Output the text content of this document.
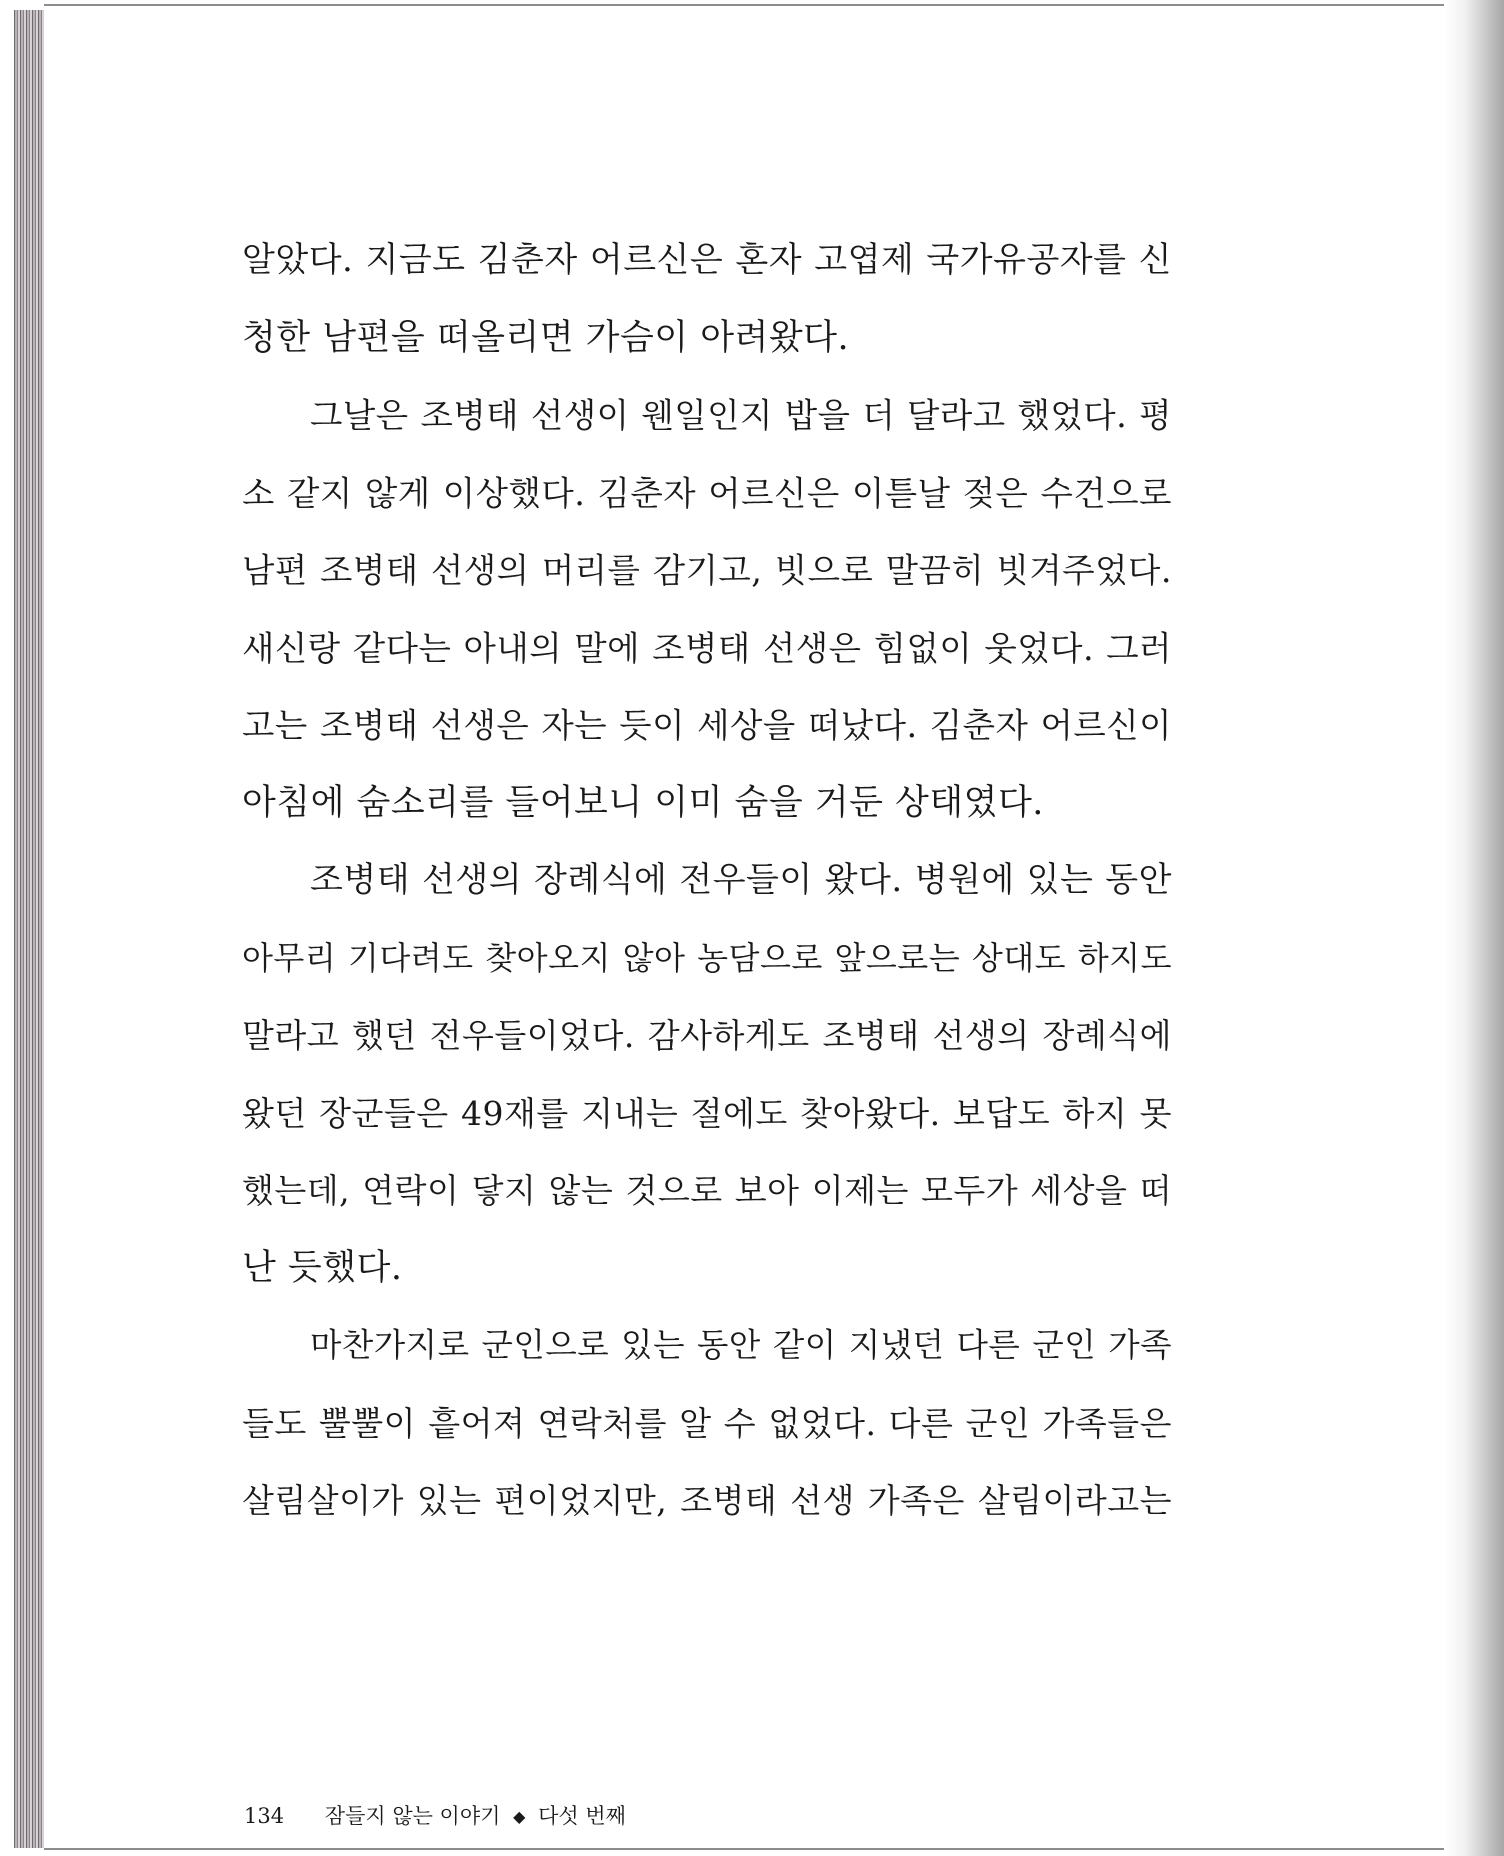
알았다. 지금도 김춘자 어르신은 혼자 고엽제 국가유공자를 신
청한 남편을 떠올리면 가슴이 아려왔다.
그날은 조병태 선생이 웬일인지 밥을 더 달라고 했었다. 평
소 같지 않게 이상했다. 김춘자 어르신은 이튿날 젖은 수건으로
남편 조병태 선생의 머리를 감기고, 빗으로 말끔히 빗겨주었다.
새신랑 같다는 아내의 말에 조병태 선생은 힘없이 웃었다. 그러
고는 조병태 선생은 자는 듯이 세상을 떠났다. 김춘자 어르신이
아침에 숨소리를 들어보니 이미 숨을 거둔 상태였다.
조병태 선생의 장례식에 전우들이 왔다. 병원에 있는 동안
아무리 기다려도 찾아오지 않아 농담으로 앞으로는 상대도 하지도
말라고 했던 전우들이었다. 감사하게도 조병태 선생의 장례식에
왔던 장군들은 49재를 지내는 절에도 찾아왔다. 보답도 하지 못
했는데, 연락이 닿지 않는 것으로 보아 이제는 모두가 세상을 떠
난 듯했다.
마찬가지로 군인으로 있는 동안 같이 지냈던 다른 군인 가족
들도 뿔뿔이 흩어져 연락처를 알 수 없었다. 다른 군인 가족들은
살림살이가 있는 편이었지만, 조병태 선생 가족은 살림이라고는
134 잠들지 않는 이야기 ◆ 다섯 번째
